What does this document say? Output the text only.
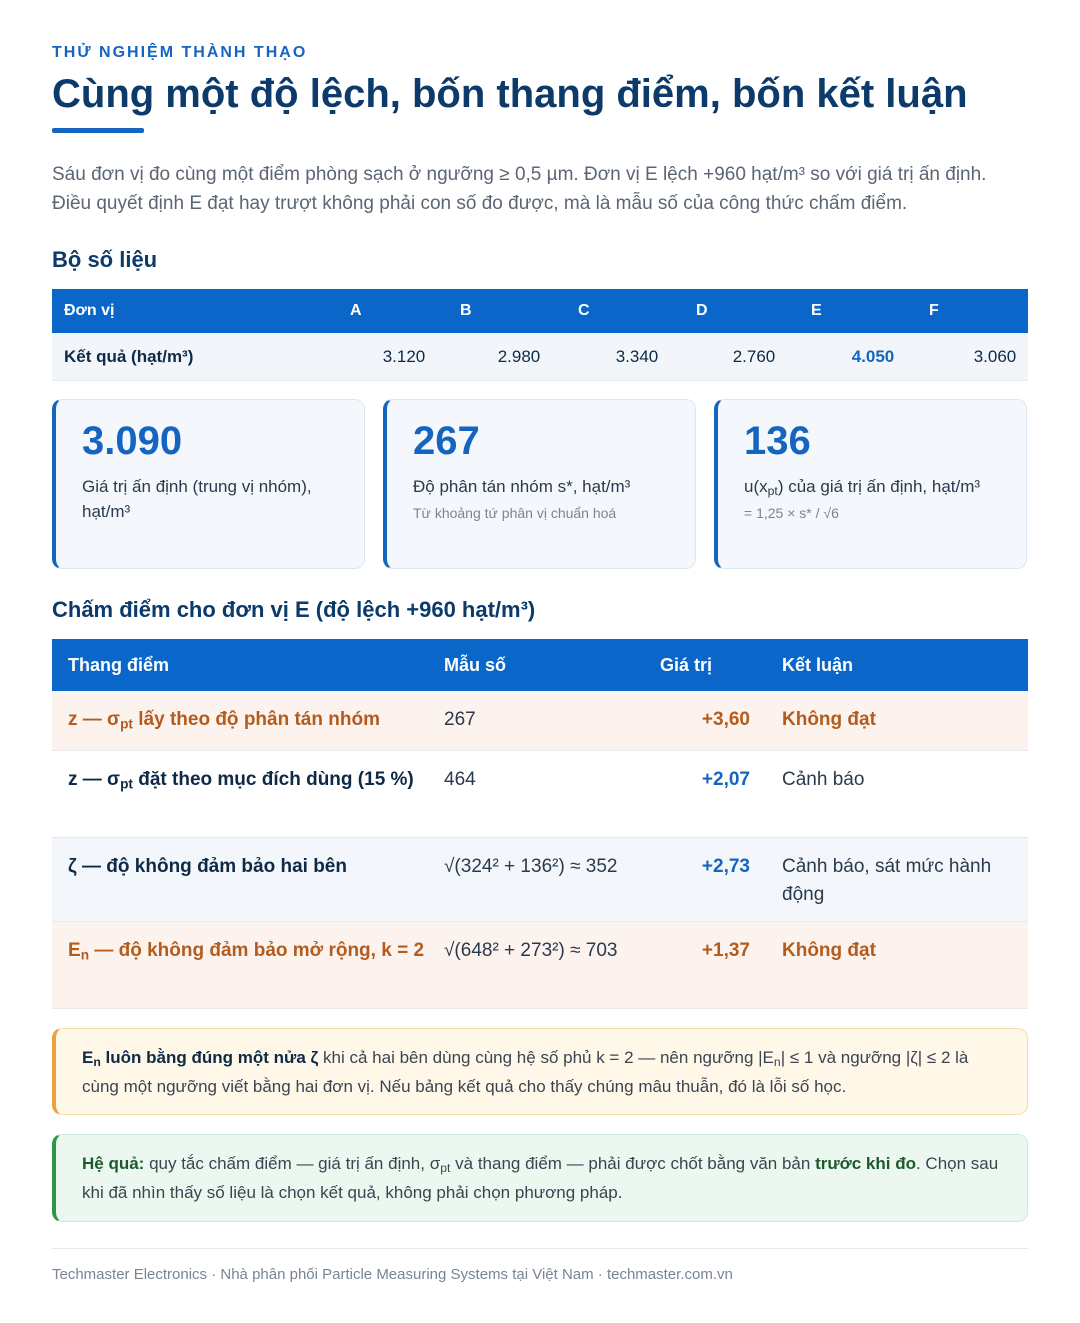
THỬ NGHIỆM THÀNH THẠO
Cùng một độ lệch, bốn thang điểm, bốn kết luận

Sáu đơn vị đo cùng một điểm phòng sạch ở ngưỡng ≥ 0,5 µm. Đơn vị E lệch +960 hạt/m³ so với giá trị ấn định. Điều quyết định E đạt hay trượt không phải con số đo được, mà là mẫu số của công thức chấm điểm.

Bộ số liệu
Đơn vị	A	B	C	D	E	F
Kết quả (hạt/m³)	3.120	2.980	3.340	2.760	4.050	3.060
3.090
Giá trị ấn định (trung vị nhóm), hạt/m³
267
Độ phân tán nhóm s*, hạt/m³
Từ khoảng tứ phân vị chuẩn hoá
136
$u(x_{pt})$ của giá trị ấn định, hạt/m³
= 1,25 × s* / √6
Chấm điểm cho đơn vị E (độ lệch +960 hạt/m³)
Thang điểm	Mẫu số	Giá trị	Kết luận
z — $\sigma_{pt}$ lấy theo độ phân tán nhóm	267	+3,60	Không đạt
z — $\sigma_{pt}$ đặt theo mục đích dùng (15 %)	464	+2,07	Cảnh báo
ζ — độ không đảm bảo hai bên	√(324² + 136²) ≈ 352	+2,73	Cảnh báo, sát mức hành động
$E_n$ — độ không đảm bảo mở rộng, k = 2	√(648² + 273²) ≈ 703	+1,37	Không đạt
$E_n$ luôn bằng đúng một nửa ζ khi cả hai bên dùng cùng hệ số phủ k = 2 — nên ngưỡng $|E_n| \le 1$ và ngưỡng |ζ| ≤ 2 là cùng một ngưỡng viết bằng hai đơn vị. Nếu bảng kết quả cho thấy chúng mâu thuẫn, đó là lỗi số học.
Hệ quả: quy tắc chấm điểm — giá trị ấn định, $\sigma_{pt}$ và thang điểm — phải được chốt bằng văn bản trước khi đo. Chọn sau khi đã nhìn thấy số liệu là chọn kết quả, không phải chọn phương pháp.
Techmaster Electronics · Nhà phân phối Particle Measuring Systems tại Việt Nam · techmaster.com.vn
